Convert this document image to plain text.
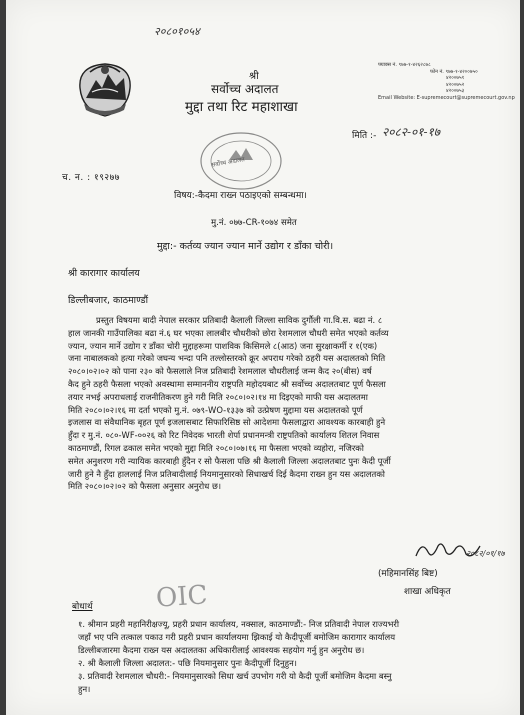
२०८०१०५४
श्री
सर्वोच्च अदालत
मुद्दा तथा रिट महाशाखा
फ्याक्स नं. ९७७-१-४२६२८७८
फोन नं. ९७७-१-४२००७५०
४२००७५१
४२००७५२
४२००७५३
Email Website: E-supremecourt@supremecourt.gov.np
मिति :- २०८२-०१-१७
च. न. : १९२७७
सर्वोच्च अदालत
विषय:-कैदमा राख्न पठाइएको सम्बन्धमा।
मु.नं. ०७७-CR-१०७४ समेत
मुद्दा:- कर्तव्य ज्यान ज्यान मार्ने उद्योग र डाँका चोरी।
श्री कारागार कार्यालय
डिल्लीबजार, काठमाण्डौं
प्रस्तुत विषयमा बादी नेपाल सरकार प्रतिबादी कैलाली जिल्ला साविक दुर्गौली गा.वि.स. बढा नं. ८
हाल जानकी गाउँपालिका बढा नं.६ घर भएका लालबीर चौधरीको छोरा रेशमलाल चौधरी समेत भएको कर्तव्य
ज्यान, ज्यान मार्ने उद्योग र डाँका चोरी मुद्दाहरूमा पाशविक किसिमले ८(आठ) जना सुरक्षाकर्मी र १(एक)
जना नाबालकको हत्या गरेको जघन्य भन्दा पनि तल्लोस्तरको क्रूर अपराध गरेको ठहरी यस अदालतको मिति
२०८०।०२।०२ को पाना २३० को फैसलाले निज प्रतिबादी रेशमलाल चौधरीलाई जन्म कैद २०(बीस) वर्ष
कैद हुने ठहरी फैसला भएको अवस्थामा सम्माननीय राष्ट्रपति महोदयबाट श्री सर्वोच्च अदालतबाट पूर्ण फैसला
तयार नभई अपराधलाई राजनीतिकरण हुने गरी मिति २०८०।०२।१४ मा दिइएको माफी यस अदालतमा
मिति २०८०।०२।१६ मा दर्ता भएको मु.नं. ०७९-WO-१३३७ को उत्प्रेषण मुद्दामा यस अदालतको पूर्ण
इजलास वा संवैधानिक बृहत पूर्ण इजलासबाट सिफारिसिष्ठ सो आदेशमा फैसलाद्वारा आवश्यक कारबाही हुने
हुँदा र मु.नं. ०८०-WF-००२६ को रिट निवेदक भारती शेर्पा प्रधानमन्त्री राष्ट्रपतिको कार्यालय शितल निवास
काठमाण्डौं, रिगल ढकाल समेत भएको मुद्दा मिति २०८०।०७।१६ मा फैसला भएको व्यहोरा, नजिरको
समेत अनुशरण गरी न्यायिक कारबाही हुँदैन र सो फैसला पछि श्री कैलाली जिल्ला अदालतबाट पुनः कैदी पूर्जी
जारी हुने नै हुँदा हाललाई निज प्रतिबादीलाई नियमानुसारको सिधाखर्च दिई कैदमा राख्न हुन यस अदालतको
मिति २०८०।०२।०२ को फैसला अनुसार अनुरोध छ।
२०८२/०१/१७
(महिमानसिंह बिष्ट)
शाखा अधिकृत
OIC
बोधार्थ
१. श्रीमान प्रहरी महानिरीक्षज्यू, प्रहरी प्रधान कार्यालय, नक्साल, काठमाण्डौं:- निज प्रतिवादी नेपाल राज्यभरी
जहाँ भए पनि तत्काल पकाउ गरी प्रहरी प्रधान कार्यालयमा झिकाई यो कैदीपूर्जी बमोजिम कारागार कार्यालय
डिल्लीबजारमा कैदमा राख्न यस अदालतका अधिकारीलाई आवश्यक सहयोग गर्नु हुन अनुरोध छ।
२. श्री कैलाली जिल्ला अदालत:- पछि नियमानुसार पुनः कैदीपूर्जी दिनुहुन।
३. प्रतिवादी रेशमलाल चौधरी:- नियमानुसारको सिधा खर्च उपभोग गरी यो कैदी पूर्जी बमोजिम कैदमा बस्नु
हुन।
